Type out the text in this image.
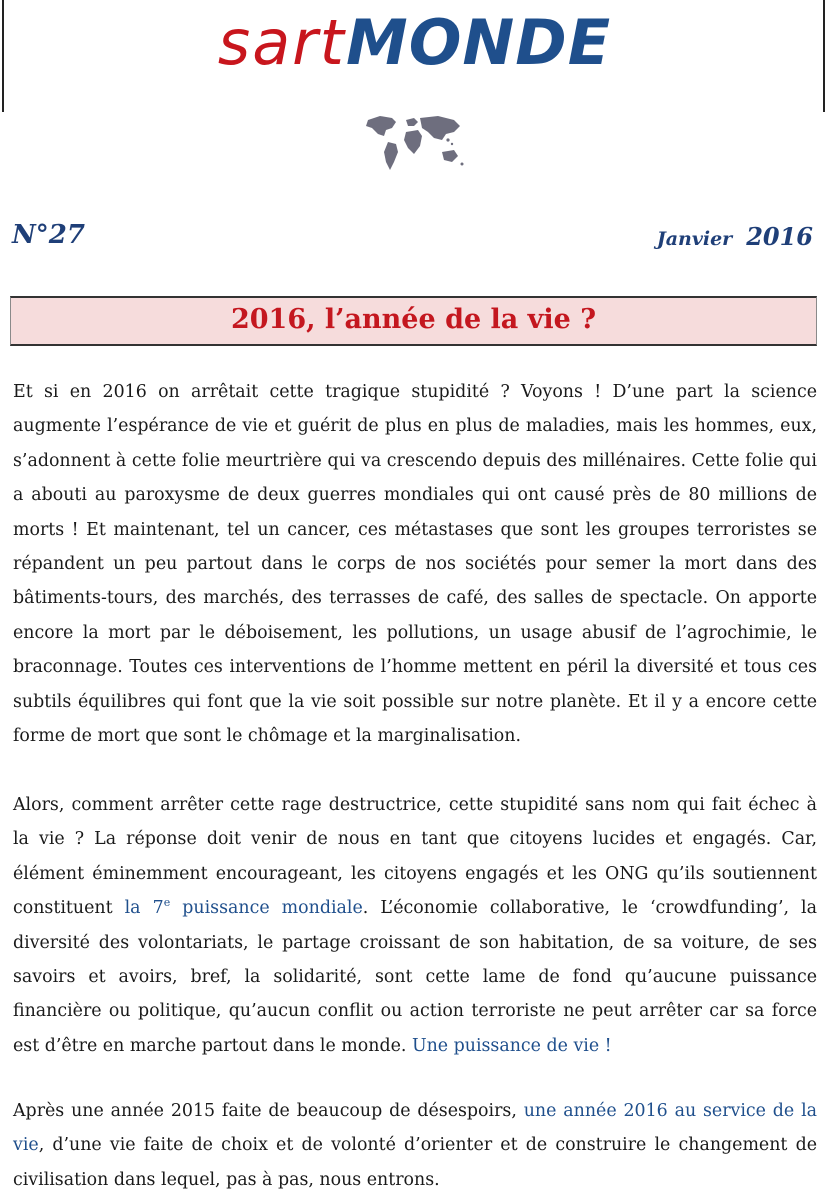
sartMONDE
N°27	Janvier 2016
2016, l’année de la vie ?

Et si en 2016 on arrêtait cette tragique stupidité ? Voyons ! D’une part la science augmente l’espérance de vie et guérit de plus en plus de maladies, mais les hommes, eux, s’adonnent à cette folie meurtrière qui va crescendo depuis des millénaires. Cette folie qui a abouti au paroxysme de deux guerres mondiales qui ont causé près de 80 millions de morts ! Et maintenant, tel un cancer, ces métastases que sont les groupes terroristes se répandent un peu partout dans le corps de nos sociétés pour semer la mort dans des bâtiments-tours, des marchés, des terrasses de café, des salles de spectacle. On apporte encore la mort par le déboisement, les pollutions, un usage abusif de l’agrochimie, le braconnage. Toutes ces interventions de l’homme mettent en péril la diversité et tous ces subtils équilibres qui font que la vie soit possible sur notre planète. Et il y a encore cette forme de mort que sont le chômage et la marginalisation.

Alors, comment arrêter cette rage destructrice, cette stupidité sans nom qui fait échec à la vie ? La réponse doit venir de nous en tant que citoyens lucides et engagés. Car, élément éminemment encourageant, les citoyens engagés et les ONG qu’ils soutiennent constituent la 7e puissance mondiale. L’économie collaborative, le ‘crowdfunding’, la diversité des volontariats, le partage croissant de son habitation, de sa voiture, de ses savoirs et avoirs, bref, la solidarité, sont cette lame de fond qu’aucune puissance financière ou politique, qu’aucun conflit ou action terroriste ne peut arrêter car sa force est d’être en marche partout dans le monde. Une puissance de vie !

Après une année 2015 faite de beaucoup de désespoirs, une année 2016 au service de la vie, d’une vie faite de choix et de volonté d’orienter et de construire le changement de civilisation dans lequel, pas à pas, nous entrons.
